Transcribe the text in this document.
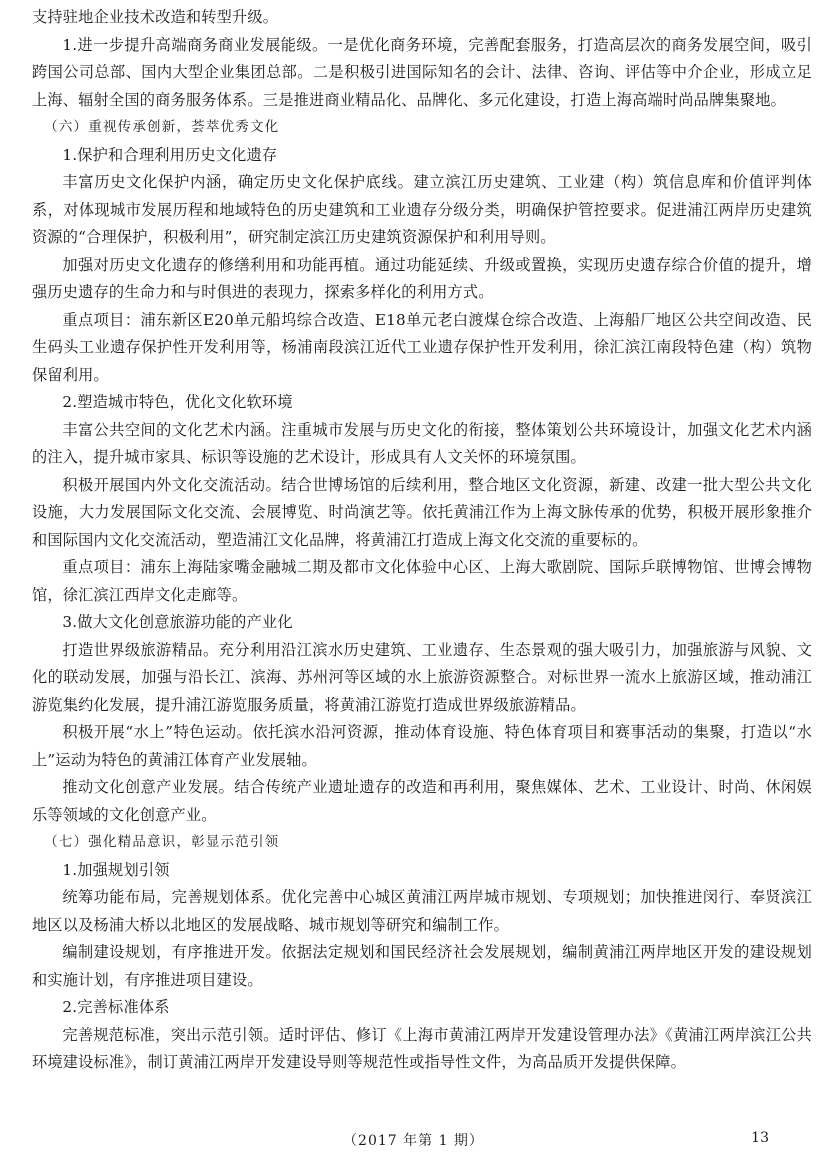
支持驻地企业技术改造和转型升级。

1.进一步提升高端商务商业发展能级。一是优化商务环境，完善配套服务，打造高层次的商务发展空间，吸引跨国公司总部、国内大型企业集团总部。二是积极引进国际知名的会计、法律、咨询、评估等中介企业，形成立足上海、辐射全国的商务服务体系。三是推进商业精品化、品牌化、多元化建设，打造上海高端时尚品牌集聚地。

（六）重视传承创新，荟萃优秀文化

1.保护和合理利用历史文化遗存

丰富历史文化保护内涵，确定历史文化保护底线。建立滨江历史建筑、工业建（构）筑信息库和价值评判体系，对体现城市发展历程和地域特色的历史建筑和工业遗存分级分类，明确保护管控要求。促进浦江两岸历史建筑资源的“合理保护，积极利用”，研究制定滨江历史建筑资源保护和利用导则。

加强对历史文化遗存的修缮利用和功能再植。通过功能延续、升级或置换，实现历史遗存综合价值的提升，增强历史遗存的生命力和与时俱进的表现力，探索多样化的利用方式。

重点项目：浦东新区E20单元船坞综合改造、E18单元老白渡煤仓综合改造、上海船厂地区公共空间改造、民生码头工业遗存保护性开发利用等，杨浦南段滨江近代工业遗存保护性开发利用，徐汇滨江南段特色建（构）筑物保留利用。

2.塑造城市特色，优化文化软环境

丰富公共空间的文化艺术内涵。注重城市发展与历史文化的衔接，整体策划公共环境设计，加强文化艺术内涵的注入，提升城市家具、标识等设施的艺术设计，形成具有人文关怀的环境氛围。

积极开展国内外文化交流活动。结合世博场馆的后续利用，整合地区文化资源，新建、改建一批大型公共文化设施，大力发展国际文化交流、会展博览、时尚演艺等。依托黄浦江作为上海文脉传承的优势，积极开展形象推介和国际国内文化交流活动，塑造浦江文化品牌，将黄浦江打造成上海文化交流的重要标的。

重点项目：浦东上海陆家嘴金融城二期及都市文化体验中心区、上海大歌剧院、国际乒联博物馆、世博会博物馆，徐汇滨江西岸文化走廊等。

3.做大文化创意旅游功能的产业化

打造世界级旅游精品。充分利用沿江滨水历史建筑、工业遗存、生态景观的强大吸引力，加强旅游与风貌、文化的联动发展，加强与沿长江、滨海、苏州河等区域的水上旅游资源整合。对标世界一流水上旅游区域，推动浦江游览集约化发展，提升浦江游览服务质量，将黄浦江游览打造成世界级旅游精品。

积极开展“水上”特色运动。依托滨水沿河资源，推动体育设施、特色体育项目和赛事活动的集聚，打造以“水上”运动为特色的黄浦江体育产业发展轴。

推动文化创意产业发展。结合传统产业遗址遗存的改造和再利用，聚焦媒体、艺术、工业设计、时尚、休闲娱乐等领域的文化创意产业。

（七）强化精品意识，彰显示范引领

1.加强规划引领

统筹功能布局，完善规划体系。优化完善中心城区黄浦江两岸城市规划、专项规划；加快推进闵行、奉贤滨江地区以及杨浦大桥以北地区的发展战略、城市规划等研究和编制工作。

编制建设规划，有序推进开发。依据法定规划和国民经济社会发展规划，编制黄浦江两岸地区开发的建设规划和实施计划，有序推进项目建设。

2.完善标准体系

完善规范标准，突出示范引领。适时评估、修订《上海市黄浦江两岸开发建设管理办法》《黄浦江两岸滨江公共环境建设标准》，制订黄浦江两岸开发建设导则等规范性或指导性文件，为高品质开发提供保障。

（2017 年第 1 期）	13
